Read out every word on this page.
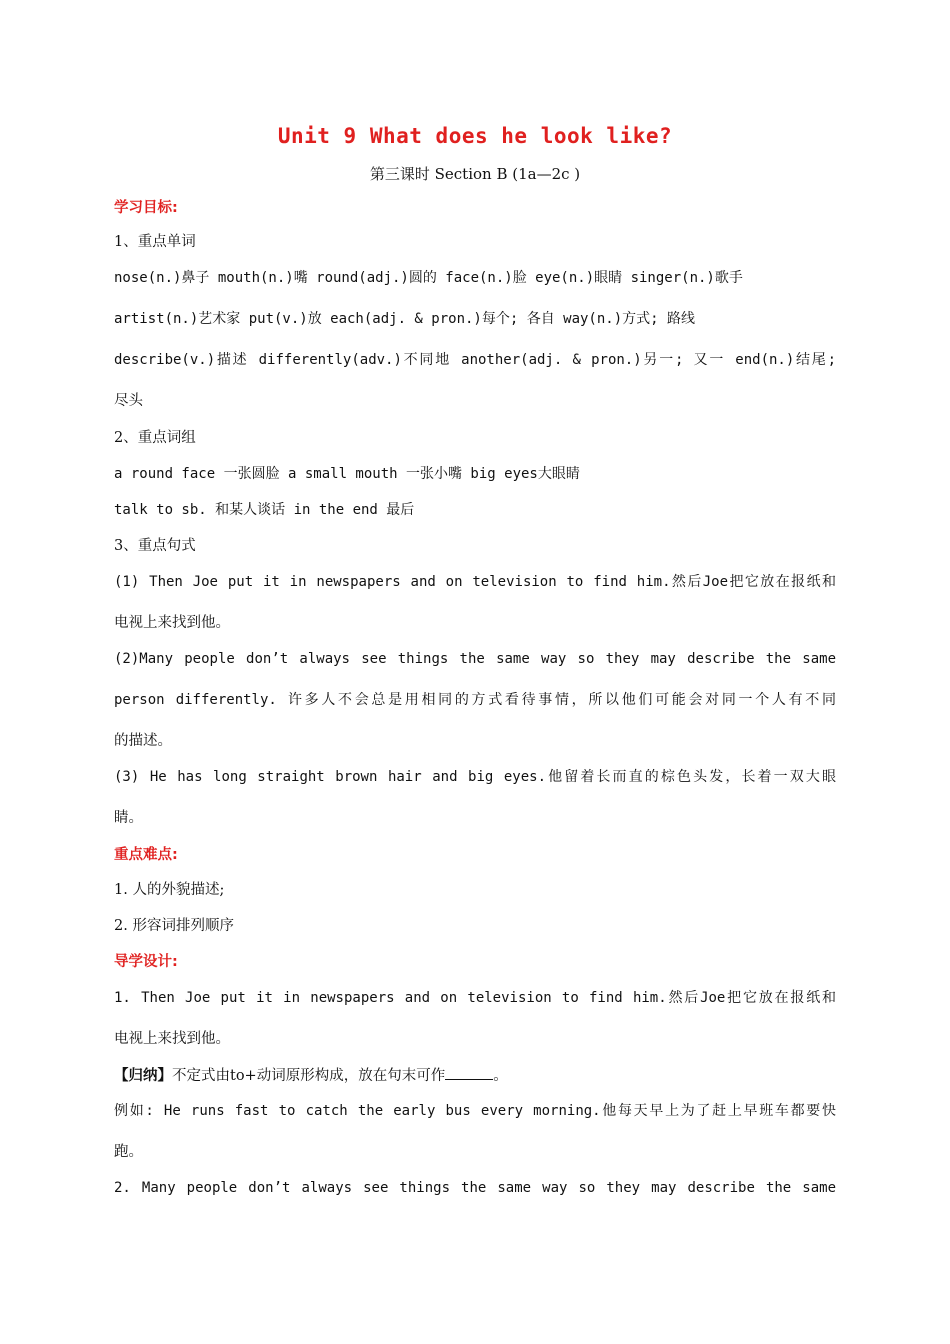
Unit 9 What does he look like?
第三课时 Section B (1a—2c )
学习目标:
1、重点单词
nose(n.)鼻子 mouth(n.)嘴 round(adj.)圆的 face(n.)脸 eye(n.)眼睛 singer(n.)歌手
artist(n.)艺术家 put(v.)放 each(adj. & pron.)每个; 各自 way(n.)方式; 路线
describe(v.)描述 differently(adv.)不同地 another(adj. & pron.)另一; 又一 end(n.)结尾;
尽头
2、重点词组
a round face 一张圆脸 a small mouth 一张小嘴 big eyes大眼睛
talk to sb. 和某人谈话 in the end 最后
3、重点句式
(1) Then Joe put it in newspapers and on television to find him.然后Joe把它放在报纸和
电视上来找到他。
(2)Many people don’t always see things the same way so they may describe the same
person differently. 许多人不会总是用相同的方式看待事情，所以他们可能会对同一个人有不同
的描述。
(3) He has long straight brown hair and big eyes.他留着长而直的棕色头发，长着一双大眼
睛。
重点难点:
1. 人的外貌描述;
2. 形容词排列顺序
导学设计:
1. Then Joe put it in newspapers and on television to find him.然后Joe把它放在报纸和
电视上来找到他。
【归纳】不定式由to+动词原形构成，放在句末可作	。
例如: He runs fast to catch the early bus every morning.他每天早上为了赶上早班车都要快
跑。
2. Many people don’t always see things the same way so they may describe the same
